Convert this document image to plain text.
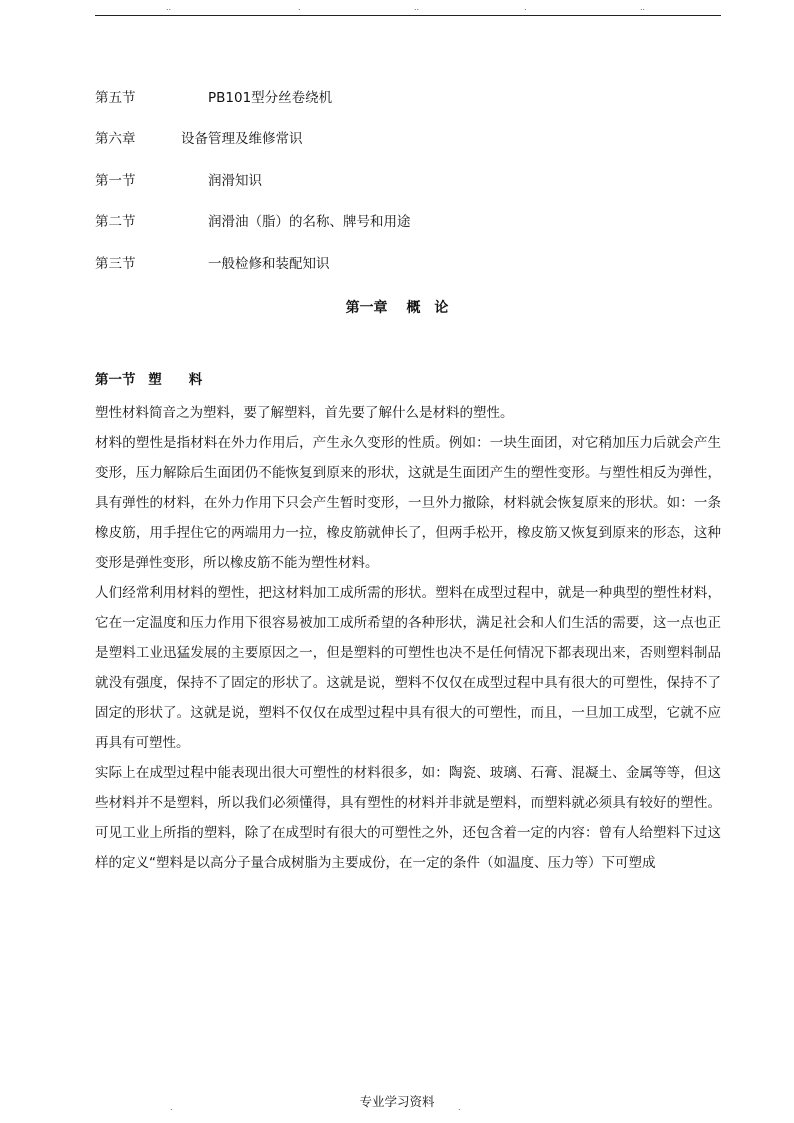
..	.	..	.	..
第五节	PB101型分丝卷绕机
第六章	设备管理及维修常识
第一节	润滑知识
第二节	润滑油（脂）的名称、牌号和用途
第三节	一般检修和装配知识
第一章 概　论
第一节 塑　　料
塑性材料简音之为塑料，要了解塑料，首先要了解什么是材料的塑性。
材料的塑性是指材料在外力作用后，产生永久变形的性质。例如：一块生面团，对它稍加压力后就会产生变形，压力解除后生面团仍不能恢复到原来的形状，这就是生面团产生的塑性变形。与塑性相反为弹性，具有弹性的材料，在外力作用下只会产生暂时变形，一旦外力撤除，材料就会恢复原来的形状。如：一条橡皮筋，用手捏住它的两端用力一拉，橡皮筋就伸长了，但两手松开，橡皮筋又恢复到原来的形态，这种变形是弹性变形，所以橡皮筋不能为塑性材料。
人们经常利用材料的塑性，把这材料加工成所需的形状。塑料在成型过程中，就是一种典型的塑性材料，它在一定温度和压力作用下很容易被加工成所希望的各种形状，满足社会和人们生活的需要，这一点也正是塑料工业迅猛发展的主要原因之一，但是塑料的可塑性也决不是任何情况下都表现出来，否则塑料制品就没有强度，保持不了固定的形状了。这就是说，塑料不仅仅在成型过程中具有很大的可塑性，保持不了固定的形状了。这就是说，塑料不仅仅在成型过程中具有很大的可塑性，而且，一旦加工成型，它就不应再具有可塑性。
实际上在成型过程中能表现出很大可塑性的材料很多，如：陶瓷、玻璃、石膏、混凝土、金属等等，但这些材料并不是塑料，所以我们必须懂得，具有塑性的材料并非就是塑料，而塑料就必须具有较好的塑性。可见工业上所指的塑料，除了在成型时有很大的可塑性之外，还包含着一定的内容：曾有人给塑料下过这样的定义“塑料是以高分子量合成树脂为主要成份，在一定的条件（如温度、压力等）下可塑成
.	专业学习资料	.
